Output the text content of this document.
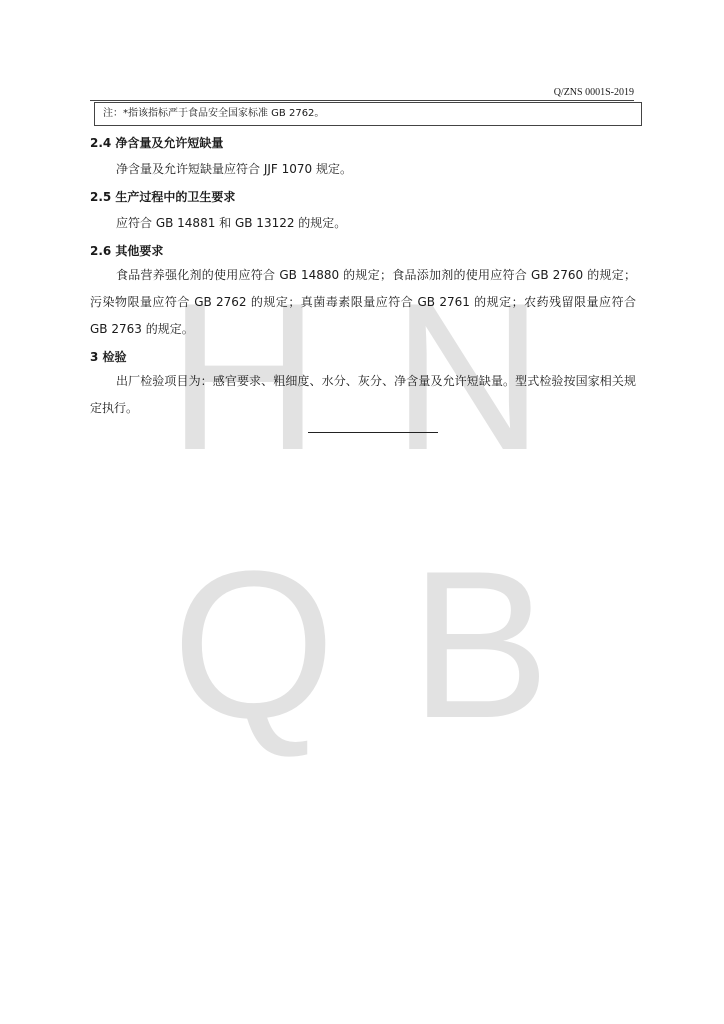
H N
Q B
Q/ZNS 0001S-2019
注：*指该指标严于食品安全国家标准 GB 2762。
2.4 净含量及允许短缺量
净含量及允许短缺量应符合 JJF 1070 规定。
2.5 生产过程中的卫生要求
应符合 GB 14881 和 GB 13122 的规定。
2.6 其他要求
食品营养强化剂的使用应符合 GB 14880 的规定；食品添加剂的使用应符合 GB 2760 的规定；污染物限量应符合 GB 2762 的规定；真菌毒素限量应符合 GB 2761 的规定；农药残留限量应符合 GB 2763 的规定。
3 检验
出厂检验项目为：感官要求、粗细度、水分、灰分、净含量及允许短缺量。型式检验按国家相关规定执行。
